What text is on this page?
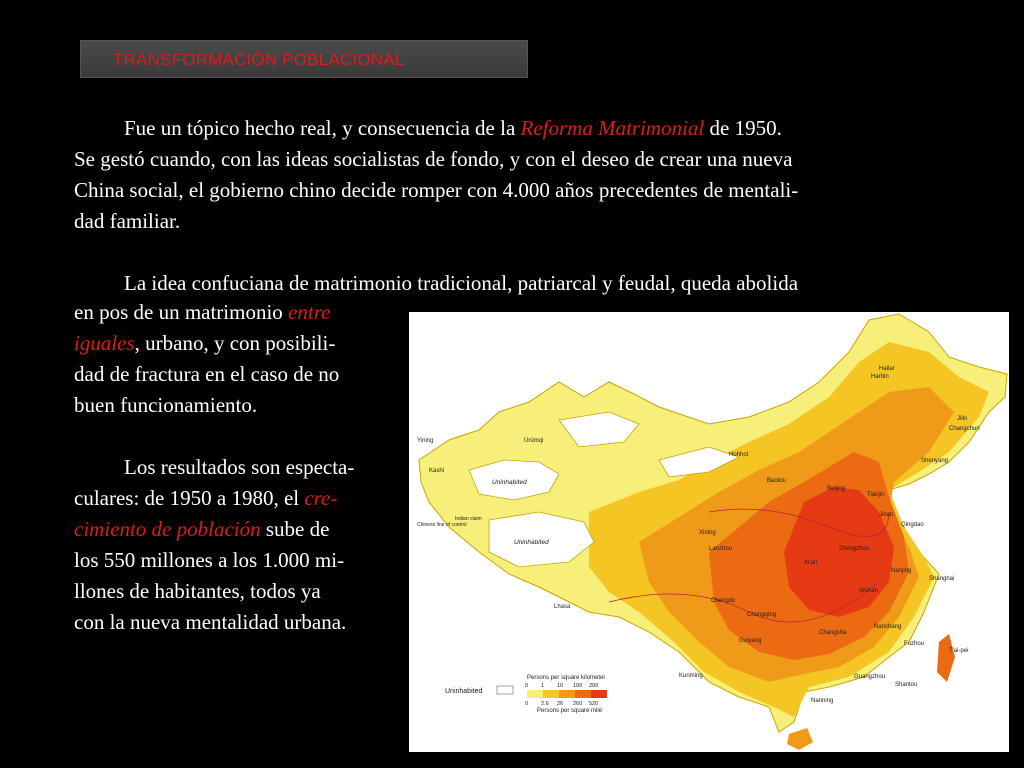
TRANSFORMACIÓN POBLACIONAL
Fue un tópico hecho real, y consecuencia de la Reforma Matrimonial de 1950.
Se gestó cuando, con las ideas socialistas de fondo, y con el deseo de crear una nueva
China social, el gobierno chino decide romper con 4.000 años precedentes de mentali-
dad familiar.
La idea confuciana de matrimonio tradicional, patriarcal y feudal, queda abolida
en pos de un matrimonio entre
iguales, urbano, y con posibili-
dad de fractura en el caso de no
buen funcionamiento.
Los resultados son especta-
culares: de 1950 a 1980, el cre-
cimiento de población sube de
los 550 millones a los 1.000 mi-
llones de habitantes, todos ya
con la nueva mentalidad urbana.
Uninhabited
Uninhabited
Indian claim
Chinese line of control
Harbin
Hailar
Jilin
Changchun
Shenyang
Yining	Urümqi
Kashi
Baotou
Beijing
Tianjin
Jinan
Qingdao
Xining
Lanzhou	Zhengzhou
Xi'an
Nanjing
Shanghai
Lhasa
Chengdu
Chongqing
Wuhan
Changsha
Nanchang
Fuzhou
Guiyang
Kunming	Guangzhou
Shantou
T'ai-pei
Nanning
Hohhot
Uninhabited
Persons per square kilometer
0 1 10 100 200
0 2.6 26 260 520
Persons per square mile
